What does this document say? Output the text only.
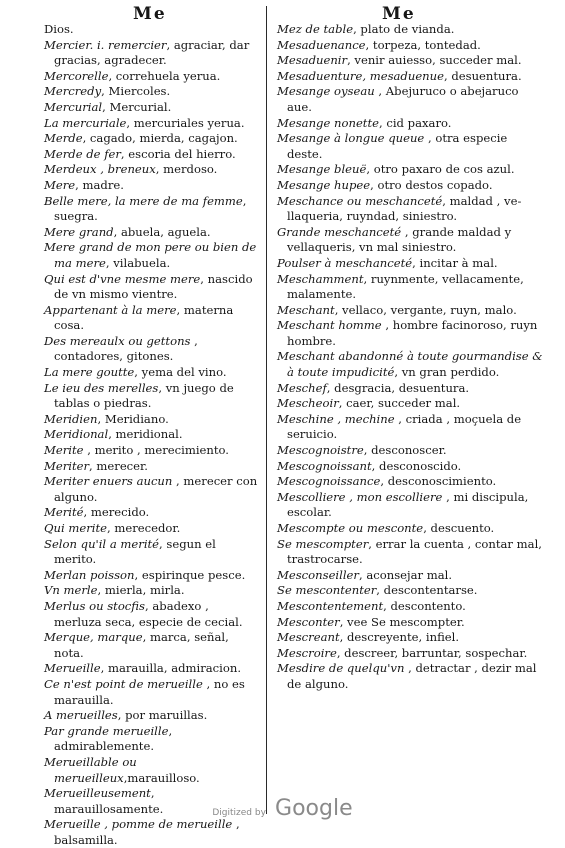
Me	Me

Dios.

Mercier. i. remercier, agraciar, dar gracias, agradecer.

Mercorelle, correhuela yerua.

Mercredy, Miercoles.

Mercurial, Mercurial.

La mercuriale, mercuriales yerua.

Merde, cagado, mierda, cagajon.

Merde de fer, escoria del hierro.

Merdeux , breneux, merdoso.

Mere, madre.

Belle mere, la mere de ma femme, suegra.

Mere grand, abuela, aguela.

Mere grand de mon pere ou bien de ma mere, vilabuela.

Qui est d'vne mesme mere, nascido de vn mismo vientre.

Appartenant à la mere, materna cosa.

Des mereaulx ou gettons , contadores, gitones.

La mere goutte, yema del vino.

Le ieu des merelles, vn juego de tablas o piedras.

Meridien, Meridiano.

Meridional, meridional.

Merite , merito , merecimiento.

Meriter, merecer.

Meriter enuers aucun , merecer con alguno.

Merité, merecido.

Qui merite, merecedor.

Selon qu'il a merité, segun el merito.

Merlan poisson, espirinque pesce.

Vn merle, mierla, mirla.

Merlus ou stocfis, abadexo , merluza seca, especie de cecial.

Merque, marque, marca, señal, nota.

Merueille, marauilla, admiracion.

Ce n'est point de merueille , no es marauilla.

A merueilles, por maruillas.

Par grande merueille, admirablemente.

Merueillable ou merueilleux,marauilloso.

Merueilleusement, marauillosamente.

Merueille , pomme de merueille , balsamilla.

Mez de table, plato de vianda.

Mesaduenance, torpeza, tontedad.

Mesaduenir, venir auiesso, succeder mal.

Mesaduenture, mesaduenue, desuentura.

Mesange oyseau , Abejuruco o abejaruco aue.

Mesange nonette, cid paxaro.

Mesange à longue queue , otra especie deste.

Mesange bleuë, otro paxaro de cos azul.

Mesange hupee, otro destos copado.

Meschance ou meschanceté, maldad , vellaqueria, ruyndad, siniestro.

Grande meschanceté , grande maldad y vellaqueris, vn mal siniestro.

Poulser à meschanceté, incitar à mal.

Meschamment, ruynmente, vellacamente, malamente.

Meschant, vellaco, vergante, ruyn, malo.

Meschant homme , hombre facinoroso, ruyn hombre.

Meschant abandonné à toute gourmandise & à toute impudicité, vn gran perdido.

Meschef, desgracia, desuentura.

Mescheoir, caer, succeder mal.

Meschine , mechine , criada , moçuela de seruicio.

Mescognoistre, desconoscer.

Mescognoissant, desconoscido.

Mescognoissance, desconoscimiento.

Mescolliere , mon escolliere , mi discipula, escolar.

Mescompte ou mesconte, descuento.

Se mescompter, errar la cuenta , contar mal, trastrocarse.

Mesconseiller, aconsejar mal.

Se mescontenter, descontentarse.

Mescontentement, descontento.

Mesconter, vee Se mescompter.

Mescreant, descreyente, infiel.

Mescroire, descreer, barruntar, sospechar.

Mesdire de quelqu'vn , detractar , dezir mal de alguno.

Digitized by Google
